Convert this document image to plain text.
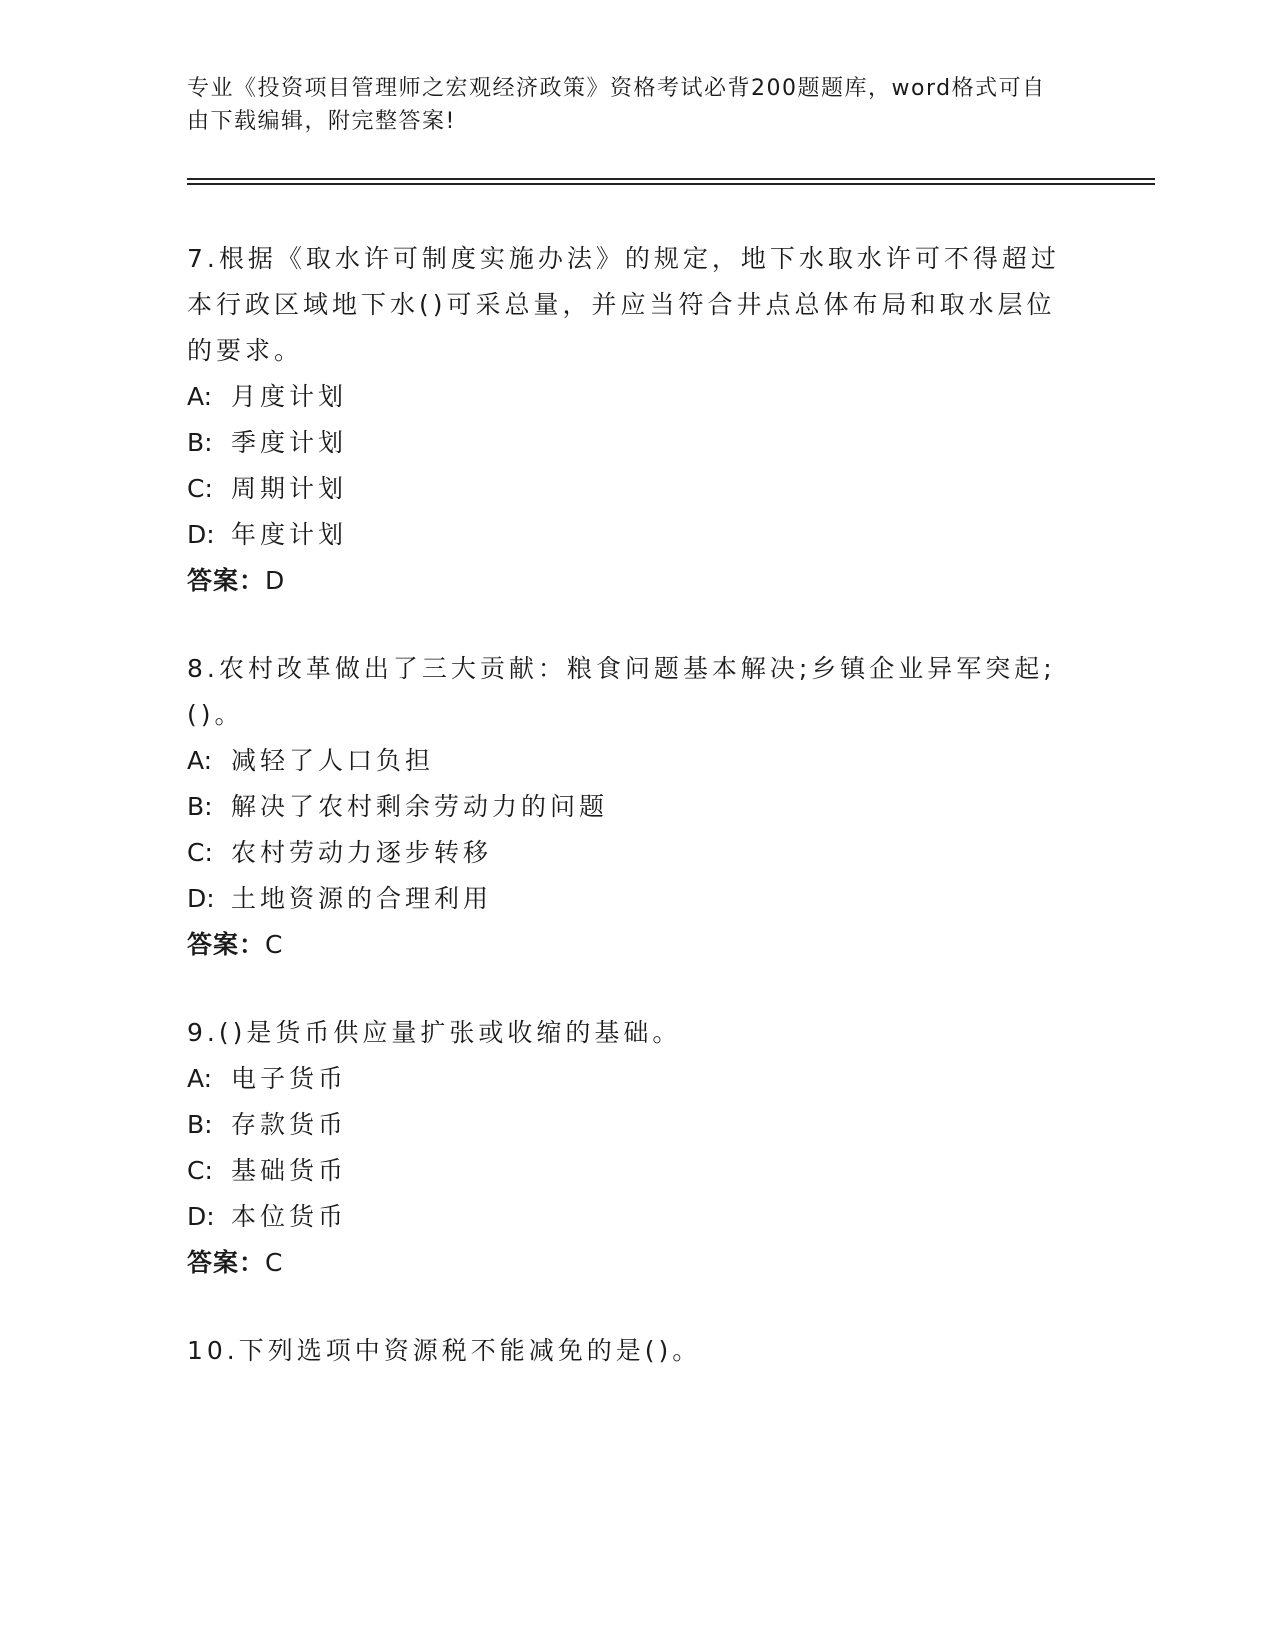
专业《投资项目管理师之宏观经济政策》资格考试必背200题题库，word格式可自由下载编辑，附完整答案!

7.根据《取水许可制度实施办法》的规定，地下水取水许可不得超过本行政区域地下水()可采总量，并应当符合井点总体布局和取水层位的要求。

A: 月度计划

B: 季度计划

C: 周期计划

D: 年度计划

答案：D

8.农村改革做出了三大贡献：粮食问题基本解决;乡镇企业异军突起;()。

A: 减轻了人口负担

B: 解决了农村剩余劳动力的问题

C: 农村劳动力逐步转移

D: 土地资源的合理利用

答案：C

9.()是货币供应量扩张或收缩的基础。

A: 电子货币

B: 存款货币

C: 基础货币

D: 本位货币

答案：C

10.下列选项中资源税不能减免的是()。
